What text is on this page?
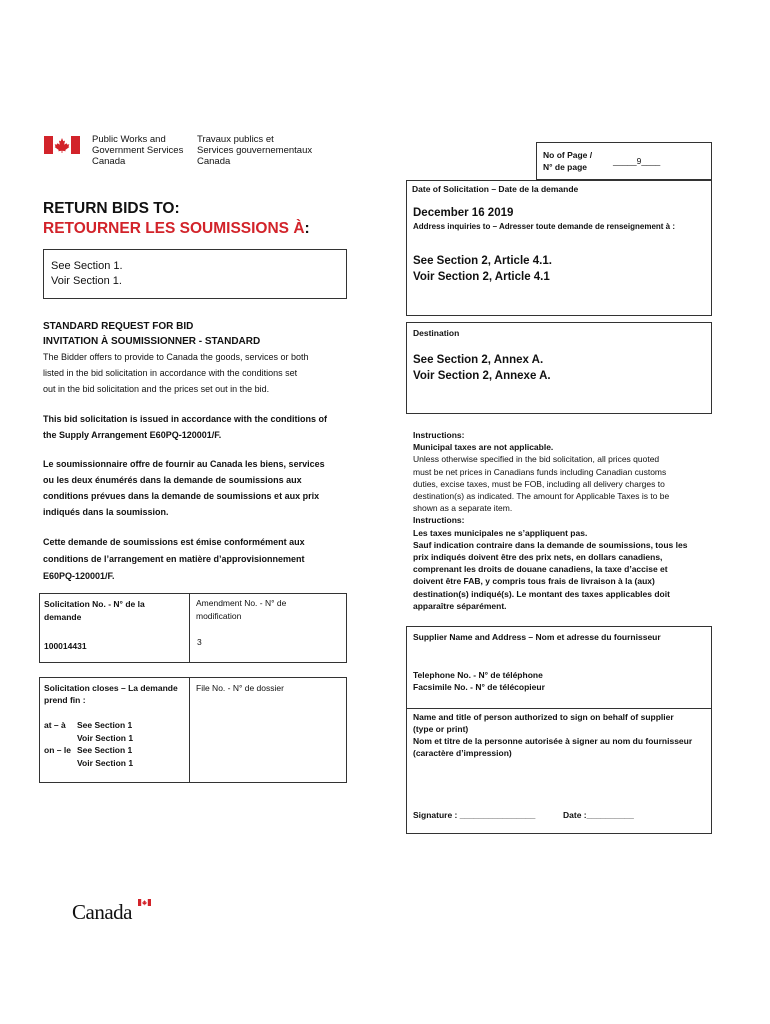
Public Works and
Government Services
Canada
Travaux publics et
Services gouvernementaux
Canada
No of Page /
N° de page
_____9____
Date of Solicitation – Date de la demande
December 16 2019
Address inquiries to – Adresser toute demande de renseignement à :
See Section 2, Article 4.1.
Voir Section 2, Article 4.1
Destination
See Section 2, Annex A.
Voir Section 2, Annexe A.
Instructions:
Municipal taxes are not applicable.
Unless otherwise specified in the bid solicitation, all prices quoted
must be net prices in Canadians funds including Canadian customs
duties, excise taxes, must be FOB, including all delivery charges to
destination(s) as indicated. The amount for Applicable Taxes is to be
shown as a separate item.
Instructions:
Les taxes municipales ne s’appliquent pas.
Sauf indication contraire dans la demande de soumissions, tous les
prix indiqués doivent être des prix nets, en dollars canadiens,
comprenant les droits de douane canadiens, la taxe d’accise et
doivent être FAB, y compris tous frais de livraison à la (aux)
destination(s) indiqué(s). Le montant des taxes applicables doit
apparaître séparément.
Supplier Name and Address – Nom et adresse du fournisseur
Telephone No. - N° de téléphone
Facsimile No. - N° de télécopieur
Name and title of person authorized to sign on behalf of supplier
(type or print)
Nom et titre de la personne autorisée à signer au nom du fournisseur
(caractère d’impression)
Signature : ________________	Date :__________
RETURN BIDS TO:
RETOURNER LES SOUMISSIONS À:
See Section 1.
Voir Section 1.
STANDARD REQUEST FOR BID
INVITATION À SOUMISSIONNER - STANDARD
The Bidder offers to provide to Canada the goods, services or both
listed in the bid solicitation in accordance with the conditions set
out in the bid solicitation and the prices set out in the bid.
This bid solicitation is issued in accordance with the conditions of
the Supply Arrangement E60PQ-120001/F.
Le soumissionnaire offre de fournir au Canada les biens, services
ou les deux énumérés dans la demande de soumissions aux
conditions prévues dans la demande de soumissions et aux prix
indiqués dans la soumission.
Cette demande de soumissions est émise conformément aux
conditions de l’arrangement en matière d’approvisionnement
E60PQ-120001/F.
Solicitation No. - N° de la
demande
100014431
Amendment No. - N° de
modification
3
Solicitation closes – La demande
prend fin :
File No. - N° de dossier
at – à
on – le
See Section 1
Voir Section 1
See Section 1
Voir Section 1
Canada
